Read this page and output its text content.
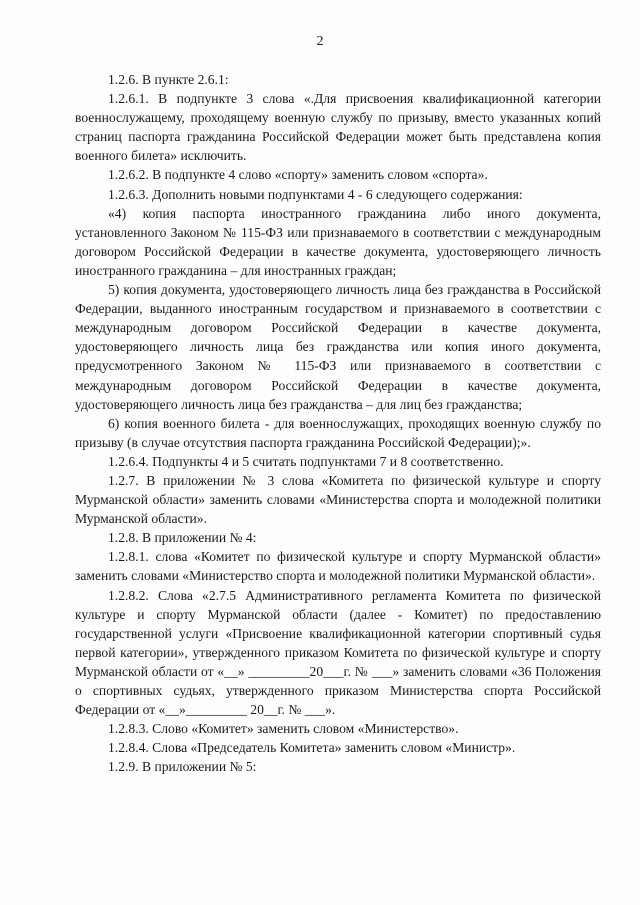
2

1.2.6. В пункте 2.6.1:

1.2.6.1. В подпункте 3 слова «.Для присвоения квалификационной категории военнослужащему, проходящему военную службу по призыву, вместо указанных копий страниц паспорта гражданина Российской Федерации может быть представлена копия военного билета» исключить.

1.2.6.2. В подпункте 4 слово «спорту» заменить словом «спорта».

1.2.6.3. Дополнить новыми подпунктами 4 - 6 следующего содержания:

«4) копия паспорта иностранного гражданина либо иного документа, установленного Законом № 115-ФЗ или признаваемого в соответствии с международным договором Российской Федерации в качестве документа, удостоверяющего личность иностранного гражданина – для иностранных граждан;

5) копия документа, удостоверяющего личность лица без гражданства в Российской Федерации, выданного иностранным государством и признаваемого в соответствии с международным договором Российской Федерации в качестве документа, удостоверяющего личность лица без гражданства или копия иного документа, предусмотренного Законом № 115-ФЗ или признаваемого в соответствии с международным договором Российской Федерации в качестве документа, удостоверяющего личность лица без гражданства – для лиц без гражданства;

6) копия военного билета - для военнослужащих, проходящих военную службу по призыву (в случае отсутствия паспорта гражданина Российской Федерации);».

1.2.6.4. Подпункты 4 и 5 считать подпунктами 7 и 8 соответственно.

1.2.7. В приложении № 3 слова «Комитета по физической культуре и спорту Мурманской области» заменить словами «Министерства спорта и молодежной политики Мурманской области».

1.2.8. В приложении № 4:

1.2.8.1. слова «Комитет по физической культуре и спорту Мурманской области» заменить словами «Министерство спорта и молодежной политики Мурманской области».

1.2.8.2. Слова «2.7.5 Административного регламента Комитета по физической культуре и спорту Мурманской области (далее - Комитет) по предоставлению государственной услуги «Присвоение квалификационной категории спортивный судья первой категории», утвержденного приказом Комитета по физической культуре и спорту Мурманской области от «__» _________20___г. № ___» заменить словами «36 Положения о спортивных судьях, утвержденного приказом Министерства спорта Российской Федерации от «__»_________ 20__г. № ___».

1.2.8.3. Слово «Комитет» заменить словом «Министерство».

1.2.8.4. Слова «Председатель Комитета» заменить словом «Министр».

1.2.9. В приложении № 5:
